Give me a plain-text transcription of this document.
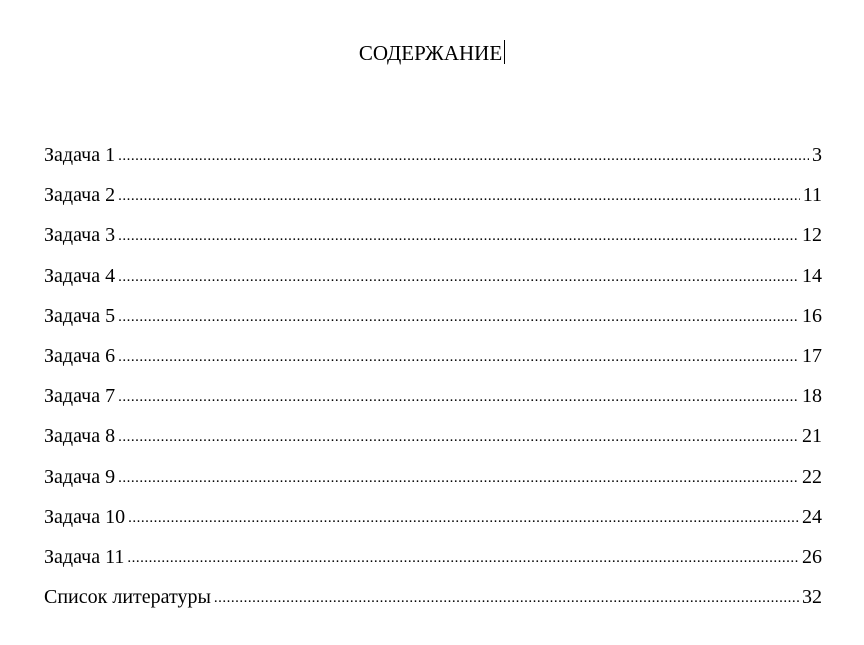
СОДЕРЖАНИЕ
Задача 1 .....	3
Задача 2 .....	11
Задача 3 .....	12
Задача 4 .....	14
Задача 5 .....	16
Задача 6 .....	17
Задача 7 .....	18
Задача 8 .....	21
Задача 9 .....	22
Задача 10 .....	24
Задача 11 .....	26
Список литературы .....	32
